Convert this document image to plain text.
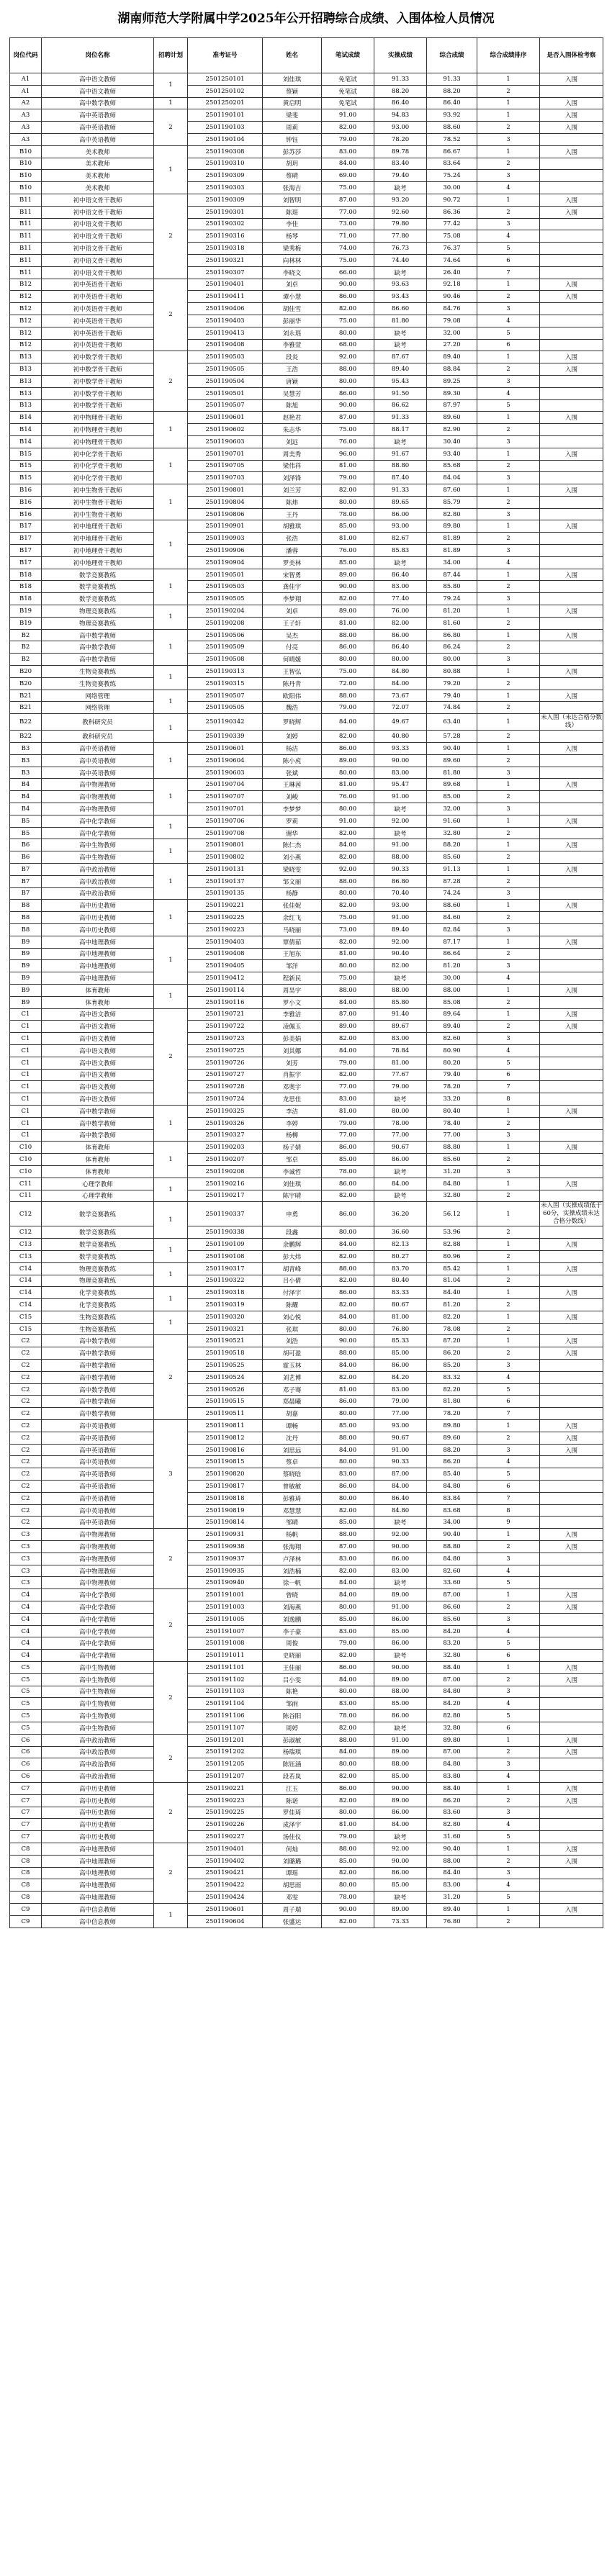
湖南师范大学附属中学2025年公开招聘综合成绩、入围体检人员情况
岗位代码	岗位名称	招聘计划	准考证号	姓名	笔试成绩	实操成绩	综合成绩	综合成绩排序	是否入围体检考察
A1	高中语文教师	1	2501250101	刘佳琪	免笔试	91.33	91.33	1	入围
A1	高中语文教师		2501250102	蔡颖	免笔试	88.20	88.20	2	
A2	高中数学教师	1	2501250201	黄启明	免笔试	86.40	86.40	1	入围
A3	高中英语教师	2	2501190101	梁斐	91.00	94.83	93.92	1	入围
A3	高中英语教师		2501190103	周莉	82.00	93.00	88.60	2	入围
A3	高中英语教师		2501190104	钟钰	79.00	78.20	78.52	3	
B10	美术教师	1	2501190308	彭苏莎	83.00	89.78	86.67	1	入围
B10	美术教师		2501190310	胡玥	84.00	83.40	83.64	2	
B10	美术教师		2501190309	蔡晴	69.00	79.40	75.24	3	
B10	美术教师		2501190303	张海吉	75.00	缺考	30.00	4	
B11	初中语文骨干教师	2	2501190309	刘智明	87.00	93.20	90.72	1	入围
B11	初中语文骨干教师		2501190301	陈瑶	77.00	92.60	86.36	2	入围
B11	初中语文骨干教师		2501190302	李佳	73.00	79.80	77.42	3	
B11	初中语文骨干教师		2501190316	杨琴	71.00	77.80	75.08	4	
B11	初中语文骨干教师		2501190318	梁秀梅	74.00	76.73	76.37	5	
B11	初中语文骨干教师		2501190321	向林林	75.00	74.40	74.64	6	
B11	初中语文骨干教师		2501190307	李晓文	66.00	缺考	26.40	7	
B12	初中英语骨干教师	2	2501190401	刘卓	90.00	93.63	92.18	1	入围
B12	初中英语骨干教师		2501190411	谭小慧	86.00	93.43	90.46	2	入围
B12	初中英语骨干教师		2501190406	胡佳雪	82.00	86.60	84.76	3	
B12	初中英语骨干教师		2501190403	彭丽华	75.00	81.80	79.08	4	
B12	初中英语骨干教师		2501190413	刘永瑶	80.00	缺考	32.00	5	
B12	初中英语骨干教师		2501190408	李雅萱	68.00	缺考	27.20	6	
B13	初中数学骨干教师	2	2501190503	段炎	92.00	87.67	89.40	1	入围
B13	初中数学骨干教师		2501190505	王浩	88.00	89.40	88.84	2	入围
B13	初中数学骨干教师		2501190504	唐颖	80.00	95.43	89.25	3	
B13	初中数学骨干教师		2501190501	吴慧芳	86.00	91.50	89.30	4	
B13	初中数学骨干教师		2501190507	陈旭	90.00	86.62	87.97	5	
B14	初中物理骨干教师	1	2501190601	赵艳君	87.00	91.33	89.60	1	入围
B14	初中物理骨干教师		2501190602	朱志华	75.00	88.17	82.90	2	
B14	初中物理骨干教师		2501190603	刘远	76.00	缺考	30.40	3	
B15	初中化学骨干教师	1	2501190701	周美秀	96.00	91.67	93.40	1	入围
B15	初中化学骨干教师		2501190705	梁伟祥	81.00	88.80	85.68	2	
B15	初中化学骨干教师		2501190703	刘泽锋	79.00	87.40	84.04	3	
B16	初中生物骨干教师	1	2501190801	刘兰芳	82.00	91.33	87.60	1	入围
B16	初中生物骨干教师		2501190804	陈炜	80.00	89.65	85.79	2	
B16	初中生物骨干教师		2501190806	王丹	78.00	86.00	82.80	3	
B17	初中地理骨干教师	1	2501190901	胡雅琪	85.00	93.00	89.80	1	入围
B17	初中地理骨干教师		2501190903	张浩	81.00	82.67	81.89	2	
B17	初中地理骨干教师		2501190906	潘蓉	76.00	85.83	81.89	3	
B17	初中地理骨干教师		2501190904	罗美林	85.00	缺考	34.00	4	
B18	数学竞赛教练	1	2501190501	宋智勇	89.00	86.40	87.44	1	入围
B18	数学竞赛教练		2501190503	龚佳宇	90.00	83.00	85.80	2	
B18	数学竞赛教练		2501190505	李梦翔	82.00	77.40	79.24	3	
B19	物理竞赛教练	1	2501190204	刘卓	89.00	76.00	81.20	1	入围
B19	物理竞赛教练		2501190208	王子轩	81.00	82.00	81.60	2	
B2	高中数学教师	1	2501190506	吴杰	88.00	86.00	86.80	1	入围
B2	高中数学教师		2501190509	付亮	86.00	86.40	86.24	2	
B2	高中数学教师		2501190508	何晴媛	80.00	80.00	80.00	3	
B20	生物竞赛教练	1	2501190313	王智弘	75.00	84.80	80.88	1	入围
B20	生物竞赛教练		2501190315	陈丹青	72.00	84.00	79.20	2	
B21	网络管理	1	2501190507	欧阳伟	88.00	73.67	79.40	1	入围
B21	网络管理		2501190505	魏浩	79.00	72.07	74.84	2	
B22	教科研究员	1	2501190342	罗晓辉	84.00	49.67	63.40	1	未入围（未达合格分数线）
B22	教科研究员		2501190339	刘婷	82.00	40.80	57.28	2	
B3	高中英语教师	1	2501190601	杨洁	86.00	93.33	90.40	1	入围
B3	高中英语教师		2501190604	陈小虎	89.00	90.00	89.60	2	
B3	高中英语教师		2501190603	张斌	80.00	83.00	81.80	3	
B4	高中物理教师	1	2501190704	王琳茜	81.00	95.47	89.68	1	入围
B4	高中物理教师		2501190707	刘峻	76.00	91.00	85.00	2	
B4	高中物理教师		2501190701	李梦梦	80.00	缺考	32.00	3	
B5	高中化学教师	1	2501190706	罗莉	91.00	92.00	91.60	1	入围
B5	高中化学教师		2501190708	谢华	82.00	缺考	32.80	2	
B6	高中生物教师	1	2501190801	陈仁杰	84.00	91.00	88.20	1	入围
B6	高中生物教师		2501190802	刘小燕	82.00	88.00	85.60	2	
B7	高中政治教师	1	2501190131	梁晓雯	92.00	90.33	91.13	1	入围
B7	高中政治教师		2501190137	邹文丽	88.00	86.80	87.28	2	
B7	高中政治教师		2501190135	杨静	80.00	70.40	74.24	3	
B8	高中历史教师	1	2501190221	张佳妮	82.00	93.00	88.60	1	入围
B8	高中历史教师		2501190225	余红飞	75.00	91.00	84.60	2	
B8	高中历史教师		2501190223	马晓丽	73.00	89.40	82.84	3	
B9	高中地理教师	1	2501190403	覃倩茹	82.00	92.00	87.17	1	入围
B9	高中地理教师		2501190408	王旭东	81.00	90.40	86.64	2	
B9	高中地理教师		2501190405	邹洋	80.00	82.00	81.20	3	
B9	高中地理教师		2501190412	程新民	75.00	缺考	30.00	4	
B9	体育教师	1	2501190114	周昊宇	88.00	88.00	88.00	1	入围
B9	体育教师		2501190116	罗小文	84.00	85.80	85.08	2	
C1	高中语文教师	2	2501190721	李雅洁	87.00	91.40	89.64	1	入围
C1	高中语文教师		2501190722	凌佩玉	89.00	89.67	89.40	2	入围
C1	高中语文教师		2501190723	彭美娟	82.00	83.00	82.60	3	
C1	高中语文教师		2501190725	刘其娜	84.00	78.84	80.90	4	
C1	高中语文教师		2501190726	刘芳	79.00	81.00	80.20	5	
C1	高中语文教师		2501190727	肖振宇	82.00	77.67	79.40	6	
C1	高中语文教师		2501190728	邓奥宇	77.00	79.00	78.20	7	
C1	高中语文教师		2501190724	龙思佳	83.00	缺考	33.20	8	
C1	高中数学教师	1	2501190325	李洁	81.00	80.00	80.40	1	入围
C1	高中数学教师		2501190326	李婷	79.00	78.00	78.40	2	
C1	高中数学教师		2501190327	杨柳	77.00	77.00	77.00	3	
C10	体育教师	1	2501190203	杨子婧	86.00	90.67	88.80	1	入围
C10	体育教师		2501190207	邹卓	85.00	86.00	85.60	2	
C10	体育教师		2501190208	李诚哲	78.00	缺考	31.20	3	
C11	心理学教师	1	2501190216	刘佳琪	86.00	84.00	84.80	1	入围
C11	心理学教师		2501190217	陈宇晴	82.00	缺考	32.80	2	
C12	数学竞赛教练	1	2501190337	申勇	86.00	36.20	56.12	1	未入围（实操成绩低于60分，实操成绩未达合格分数线）
C12	数学竞赛教练		2501190338	段鑫	80.00	36.60	53.96	2	
C13	数学竞赛教练	1	2501190109	余鹏辉	84.00	82.13	82.88	1	入围
C13	数学竞赛教练		2501190108	彭大炜	82.00	80.27	80.96	2	
C14	物理竞赛教练	1	2501190317	胡青峰	88.00	83.70	85.42	1	入围
C14	物理竞赛教练		2501190322	吕小倩	82.00	80.40	81.04	2	
C14	化学竞赛教练	1	2501190318	付泽宇	86.00	83.33	84.40	1	入围
C14	化学竞赛教练		2501190319	陈耀	82.00	80.67	81.20	2	
C15	生物竞赛教练	1	2501190320	刘心悦	84.00	81.00	82.20	1	入围
C15	生物竞赛教练		2501190321	张琪	80.00	76.80	78.08	2	
C2	高中数学教师	2	2501190521	刘浩	90.00	85.33	87.20	1	入围
C2	高中数学教师		2501190518	胡可盈	88.00	85.00	86.20	2	入围
C2	高中数学教师		2501190525	霍玉林	84.00	86.00	85.20	3	
C2	高中数学教师		2501190524	刘艺博	82.00	84.20	83.32	4	
C2	高中数学教师		2501190526	邓子骞	81.00	83.00	82.20	5	
C2	高中数学教师		2501190515	郑晨曦	86.00	79.00	81.80	6	
C2	高中数学教师		2501190511	胡嘉	80.00	77.00	78.20	7	
C2	高中英语教师	3	2501190811	谭畅	85.00	93.00	89.80	1	入围
C2	高中英语教师		2501190812	沈丹	88.00	90.67	89.60	2	入围
C2	高中英语教师		2501190816	刘思远	84.00	91.00	88.20	3	入围
C2	高中英语教师		2501190815	蔡卓	80.00	90.33	86.20	4	
C2	高中英语教师		2501190820	蔡晓晗	83.00	87.00	85.40	5	
C2	高中英语教师		2501190817	曾敏敏	86.00	84.00	84.80	6	
C2	高中英语教师		2501190818	彭雅琦	80.00	86.40	83.84	7	
C2	高中英语教师		2501190819	邓慧慧	82.00	84.80	83.68	8	
C2	高中英语教师		2501190814	邹晴	85.00	缺考	34.00	9	
C3	高中物理教师	2	2501190931	杨帆	88.00	92.00	90.40	1	入围
C3	高中物理教师		2501190938	张海翔	87.00	90.00	88.80	2	入围
C3	高中物理教师		2501190937	卢泽林	83.00	86.00	84.80	3	
C3	高中物理教师		2501190935	刘浩楠	82.00	83.00	82.60	4	
C3	高中物理教师		2501190940	徐一帆	84.00	缺考	33.60	5	
C4	高中化学教师	2	2501191001	曾晓	84.00	89.00	87.00	1	入围
C4	高中化学教师		2501191003	刘海燕	80.00	91.00	86.60	2	入围
C4	高中化学教师		2501191005	刘逸鹏	85.00	86.00	85.60	3	
C4	高中化学教师		2501191007	李子豪	83.00	85.00	84.20	4	
C4	高中化学教师		2501191008	周俊	79.00	86.00	83.20	5	
C4	高中化学教师		2501191011	史晓丽	82.00	缺考	32.80	6	
C5	高中生物教师	2	2501191101	王佳丽	86.00	90.00	88.40	1	入围
C5	高中生物教师		2501191102	吕小雯	84.00	89.00	87.00	2	入围
C5	高中生物教师		2501191103	陈艳	80.00	88.00	84.80	3	
C5	高中生物教师		2501191104	邹雨	83.00	85.00	84.20	4	
C5	高中生物教师		2501191106	陈谷阳	78.00	86.00	82.80	5	
C5	高中生物教师		2501191107	周婷	82.00	缺考	32.80	6	
C6	高中政治教师	2	2501191201	彭淑敏	88.00	91.00	89.80	1	入围
C6	高中政治教师		2501191202	杨瑞琪	84.00	89.00	87.00	2	入围
C6	高中政治教师		2501191205	陈钰涵	80.00	88.00	84.80	3	
C6	高中政治教师		2501191207	段若岚	82.00	85.00	83.80	4	
C7	高中历史教师	2	2501190221	江玉	86.00	90.00	88.40	1	入围
C7	高中历史教师		2501190223	陈诺	82.00	89.00	86.20	2	入围
C7	高中历史教师		2501190225	罗佳琦	80.00	86.00	83.60	3	
C7	高中历史教师		2501190226	成泽宇	81.00	84.00	82.80	4	
C7	高中历史教师		2501190227	汤佳仪	79.00	缺考	31.60	5	
C8	高中地理教师	2	2501190401	何灿	88.00	92.00	90.40	1	入围
C8	高中地理教师		2501190402	刘璐璐	85.00	90.00	88.00	2	入围
C8	高中地理教师		2501190421	谭瑶	82.00	86.00	84.40	3	
C8	高中地理教师		2501190422	胡思雨	80.00	85.00	83.00	4	
C8	高中地理教师		2501190424	邓雯	78.00	缺考	31.20	5	
C9	高中信息教师	1	2501190601	周子瑞	90.00	89.00	89.40	1	入围
C9	高中信息教师		2501190604	张盛运	82.00	73.33	76.80	2	
